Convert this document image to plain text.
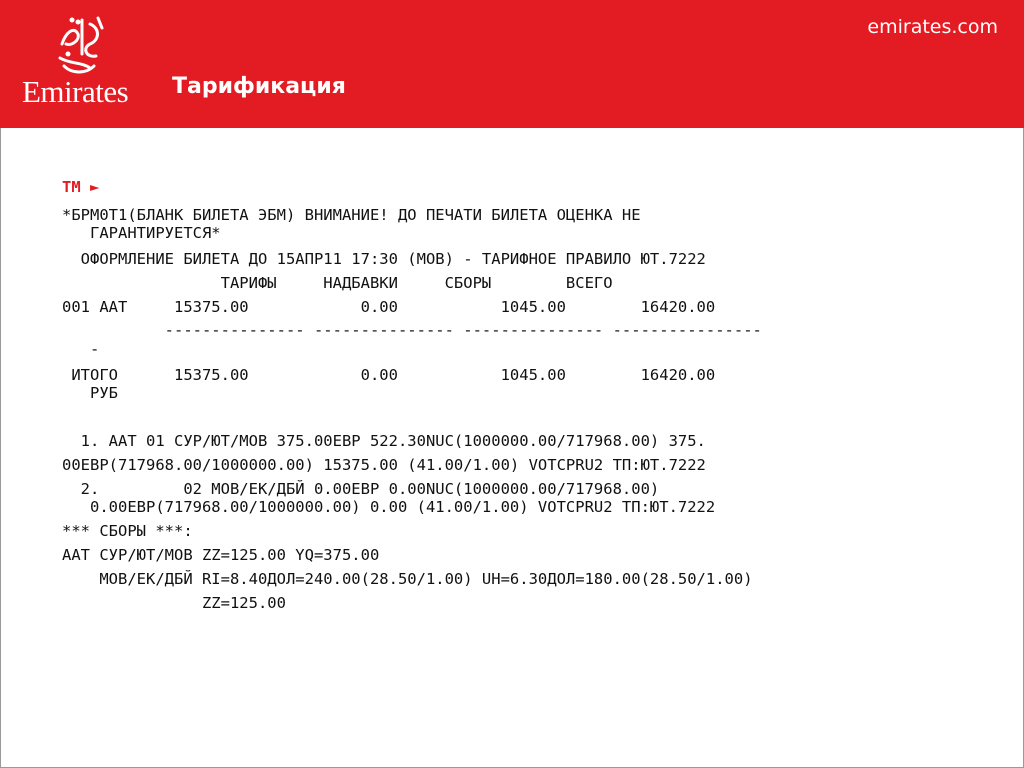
Emirates
emirates.com
Тарификация
ТМ ►
*БРМ0Т1(БЛАНК БИЛЕТА ЭБМ) ВНИМАНИЕ! ДО ПЕЧАТИ БИЛЕТА ОЦЕНКА НЕ
ГАРАНТИРУЕТСЯ*
ОФОРМЛЕНИЕ БИЛЕТА ДО 15АПР11 17:30 (МОВ) - ТАРИФНОЕ ПРАВИЛО ЮТ.7222
ТАРИФЫ     НАДБАВКИ     СБОРЫ        ВСЕГО
001 ААТ     15375.00            0.00           1045.00        16420.00
--------------- --------------- --------------- ----------------
-
ИТОГО      15375.00            0.00           1045.00        16420.00
РУБ
1. ААТ 01 СУР/ЮТ/МОВ 375.00ЕВР 522.30NUC(1000000.00/717968.00) 375.
00ЕВР(717968.00/1000000.00) 15375.00 (41.00/1.00) VOTCPRU2 ТП:ЮТ.7222
2.         02 МОВ/ЕК/ДБЙ 0.00ЕВР 0.00NUC(1000000.00/717968.00)
0.00ЕВР(717968.00/1000000.00) 0.00 (41.00/1.00) VOTCPRU2 ТП:ЮТ.7222
*** СБОРЫ ***:
ААТ СУР/ЮТ/МОВ ZZ=125.00 YQ=375.00
МОВ/ЕК/ДБЙ RI=8.40ДОЛ=240.00(28.50/1.00) UH=6.30ДОЛ=180.00(28.50/1.00)
ZZ=125.00
